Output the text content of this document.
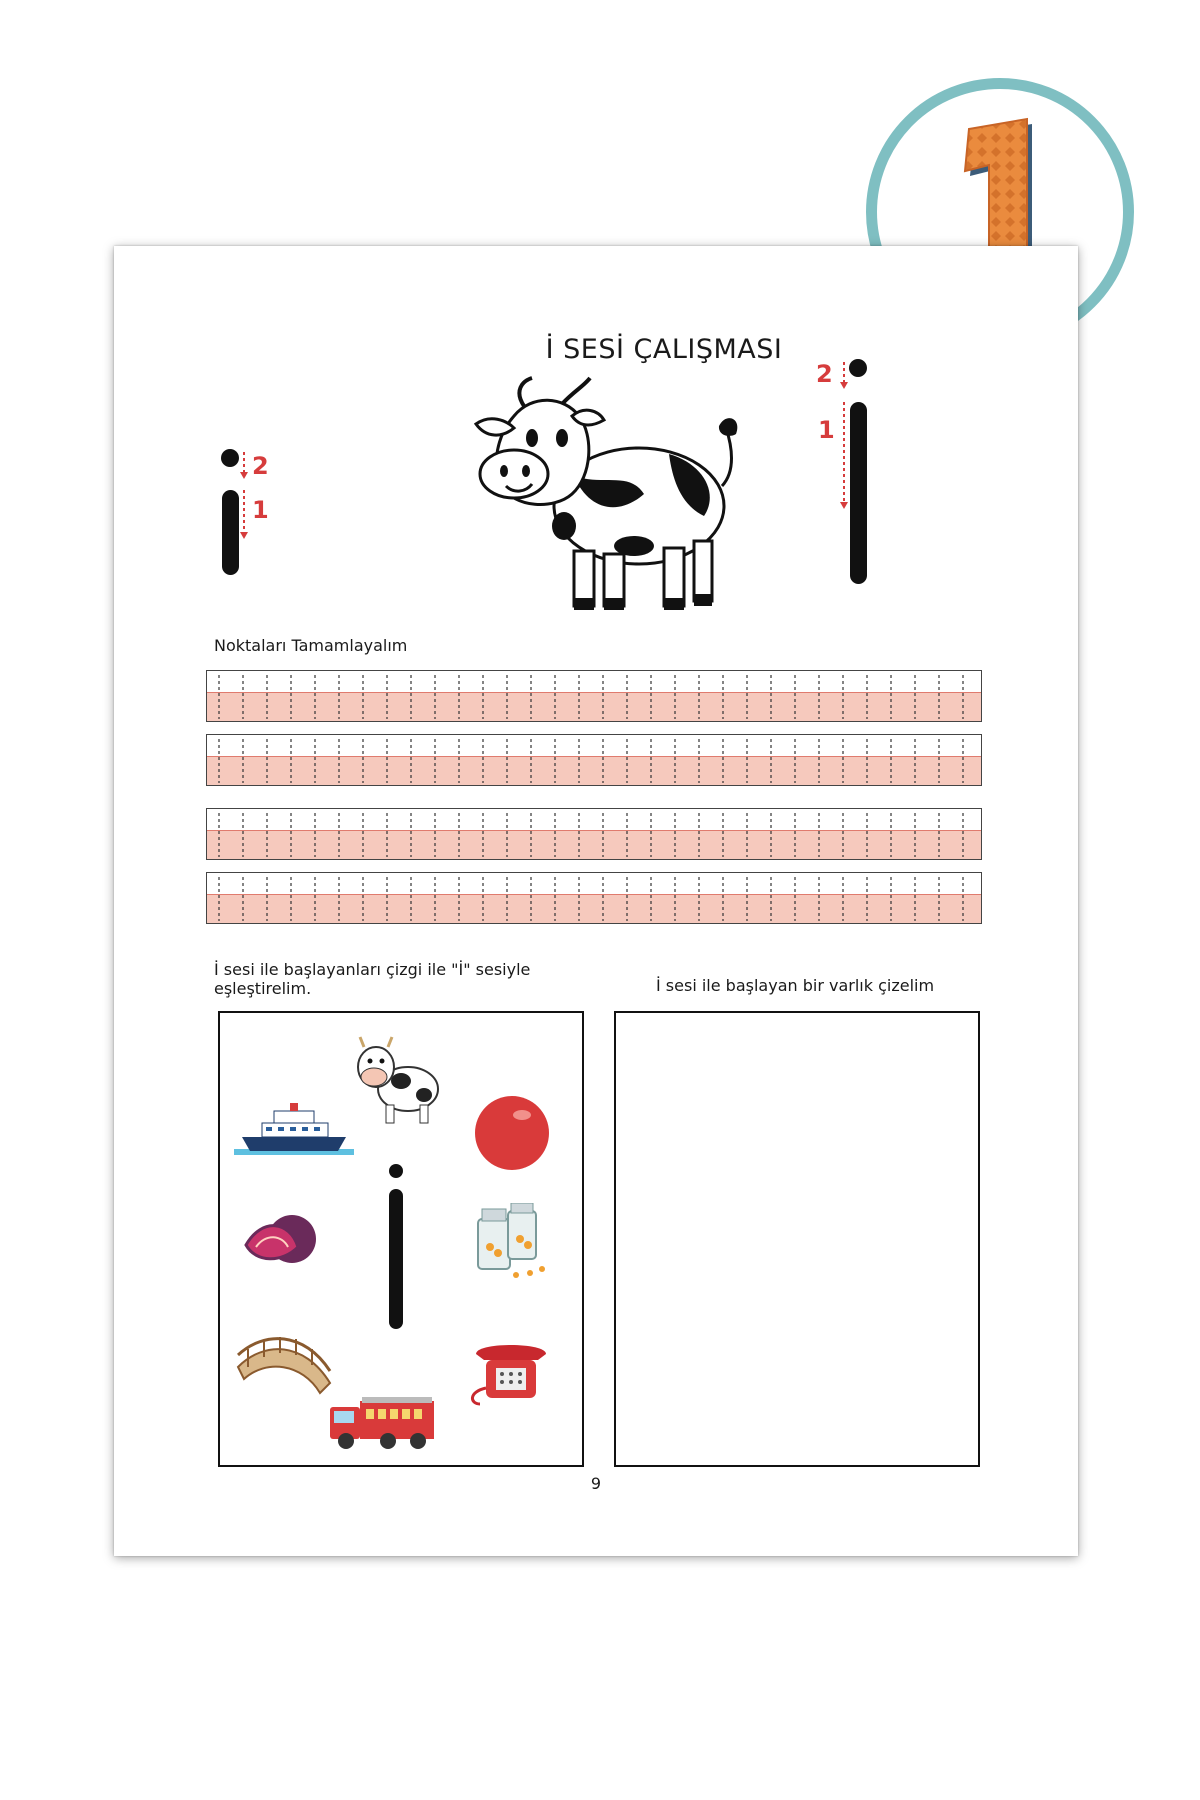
İ SESİ ÇALIŞMASI
2
1
2
1
Noktaları Tamamlayalım
İ sesi ile başlayanları çizgi ile "İ" sesiyle eşleştirelim.	İ sesi ile başlayan bir varlık çizelim
9
